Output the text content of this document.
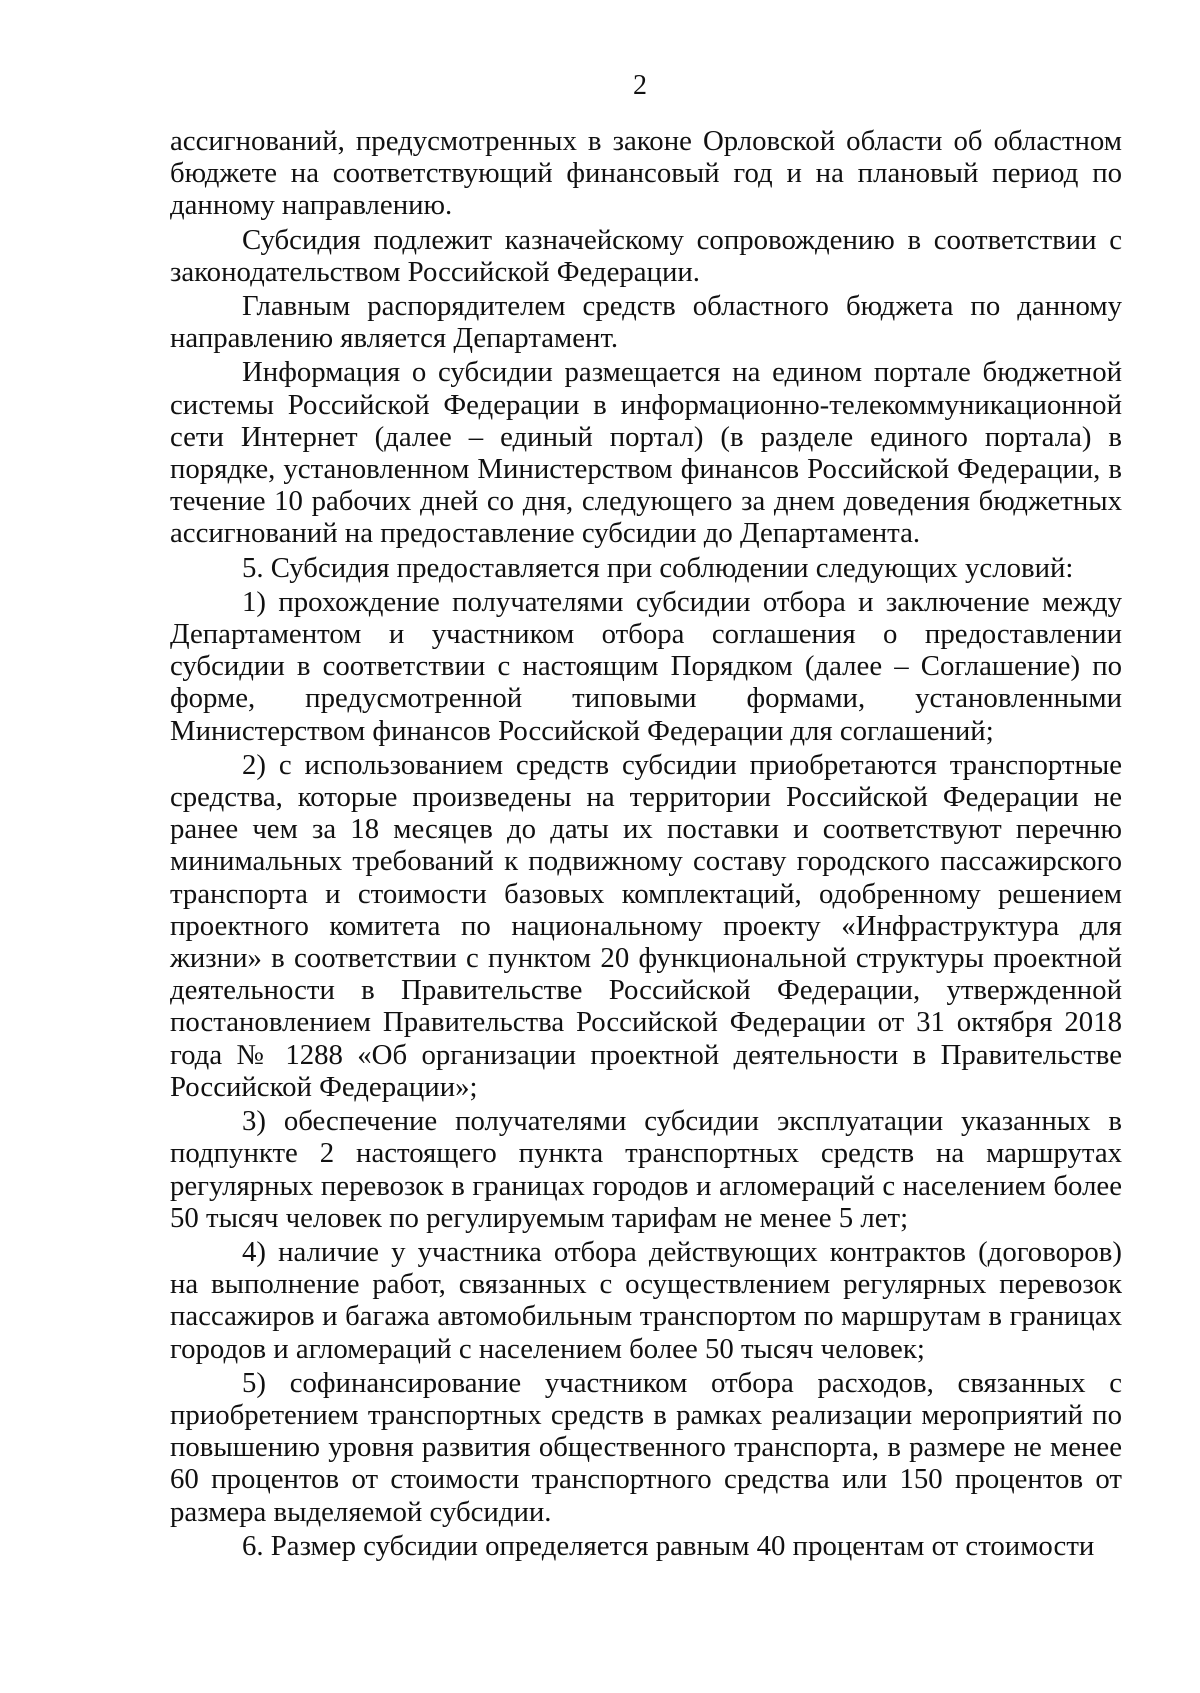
2

ассигнований, предусмотренных в законе Орловской области об областном бюджете на соответствующий финансовый год и на плановый период по данному направлению.

Субсидия подлежит казначейскому сопровождению в соответствии с законодательством Российской Федерации.

Главным распорядителем средств областного бюджета по данному направлению является Департамент.

Информация о субсидии размещается на едином портале бюджетной системы Российской Федерации в информационно-телекоммуникационной сети Интернет (далее – единый портал) (в разделе единого портала) в порядке, установленном Министерством финансов Российской Федерации, в течение 10 рабочих дней со дня, следующего за днем доведения бюджетных ассигнований на предоставление субсидии до Департамента.

5. Субсидия предоставляется при соблюдении следующих условий:

1) прохождение получателями субсидии отбора и заключение между Департаментом и участником отбора соглашения о предоставлении субсидии в соответствии с настоящим Порядком (далее – Соглашение) по форме, предусмотренной типовыми формами, установленными Министерством финансов Российской Федерации для соглашений;

2) с использованием средств субсидии приобретаются транспортные средства, которые произведены на территории Российской Федерации не ранее чем за 18 месяцев до даты их поставки и соответствуют перечню минимальных требований к подвижному составу городского пассажирского транспорта и стоимости базовых комплектаций, одобренному решением проектного комитета по национальному проекту «Инфраструктура для жизни» в соответствии с пунктом 20 функциональной структуры проектной деятельности в Правительстве Российской Федерации, утвержденной постановлением Правительства Российской Федерации от 31 октября 2018 года № 1288 «Об организации проектной деятельности в Правительстве Российской Федерации»;

3) обеспечение получателями субсидии эксплуатации указанных в подпункте 2 настоящего пункта транспортных средств на маршрутах регулярных перевозок в границах городов и агломераций с населением более 50 тысяч человек по регулируемым тарифам не менее 5 лет;

4) наличие у участника отбора действующих контрактов (договоров) на выполнение работ, связанных с осуществлением регулярных перевозок пассажиров и багажа автомобильным транспортом по маршрутам в границах городов и агломераций с населением более 50 тысяч человек;

5) софинансирование участником отбора расходов, связанных с приобретением транспортных средств в рамках реализации мероприятий по повышению уровня развития общественного транспорта, в размере не менее 60 процентов от стоимости транспортного средства или 150 процентов от размера выделяемой субсидии.

6. Размер субсидии определяется равным 40 процентам от стоимости
